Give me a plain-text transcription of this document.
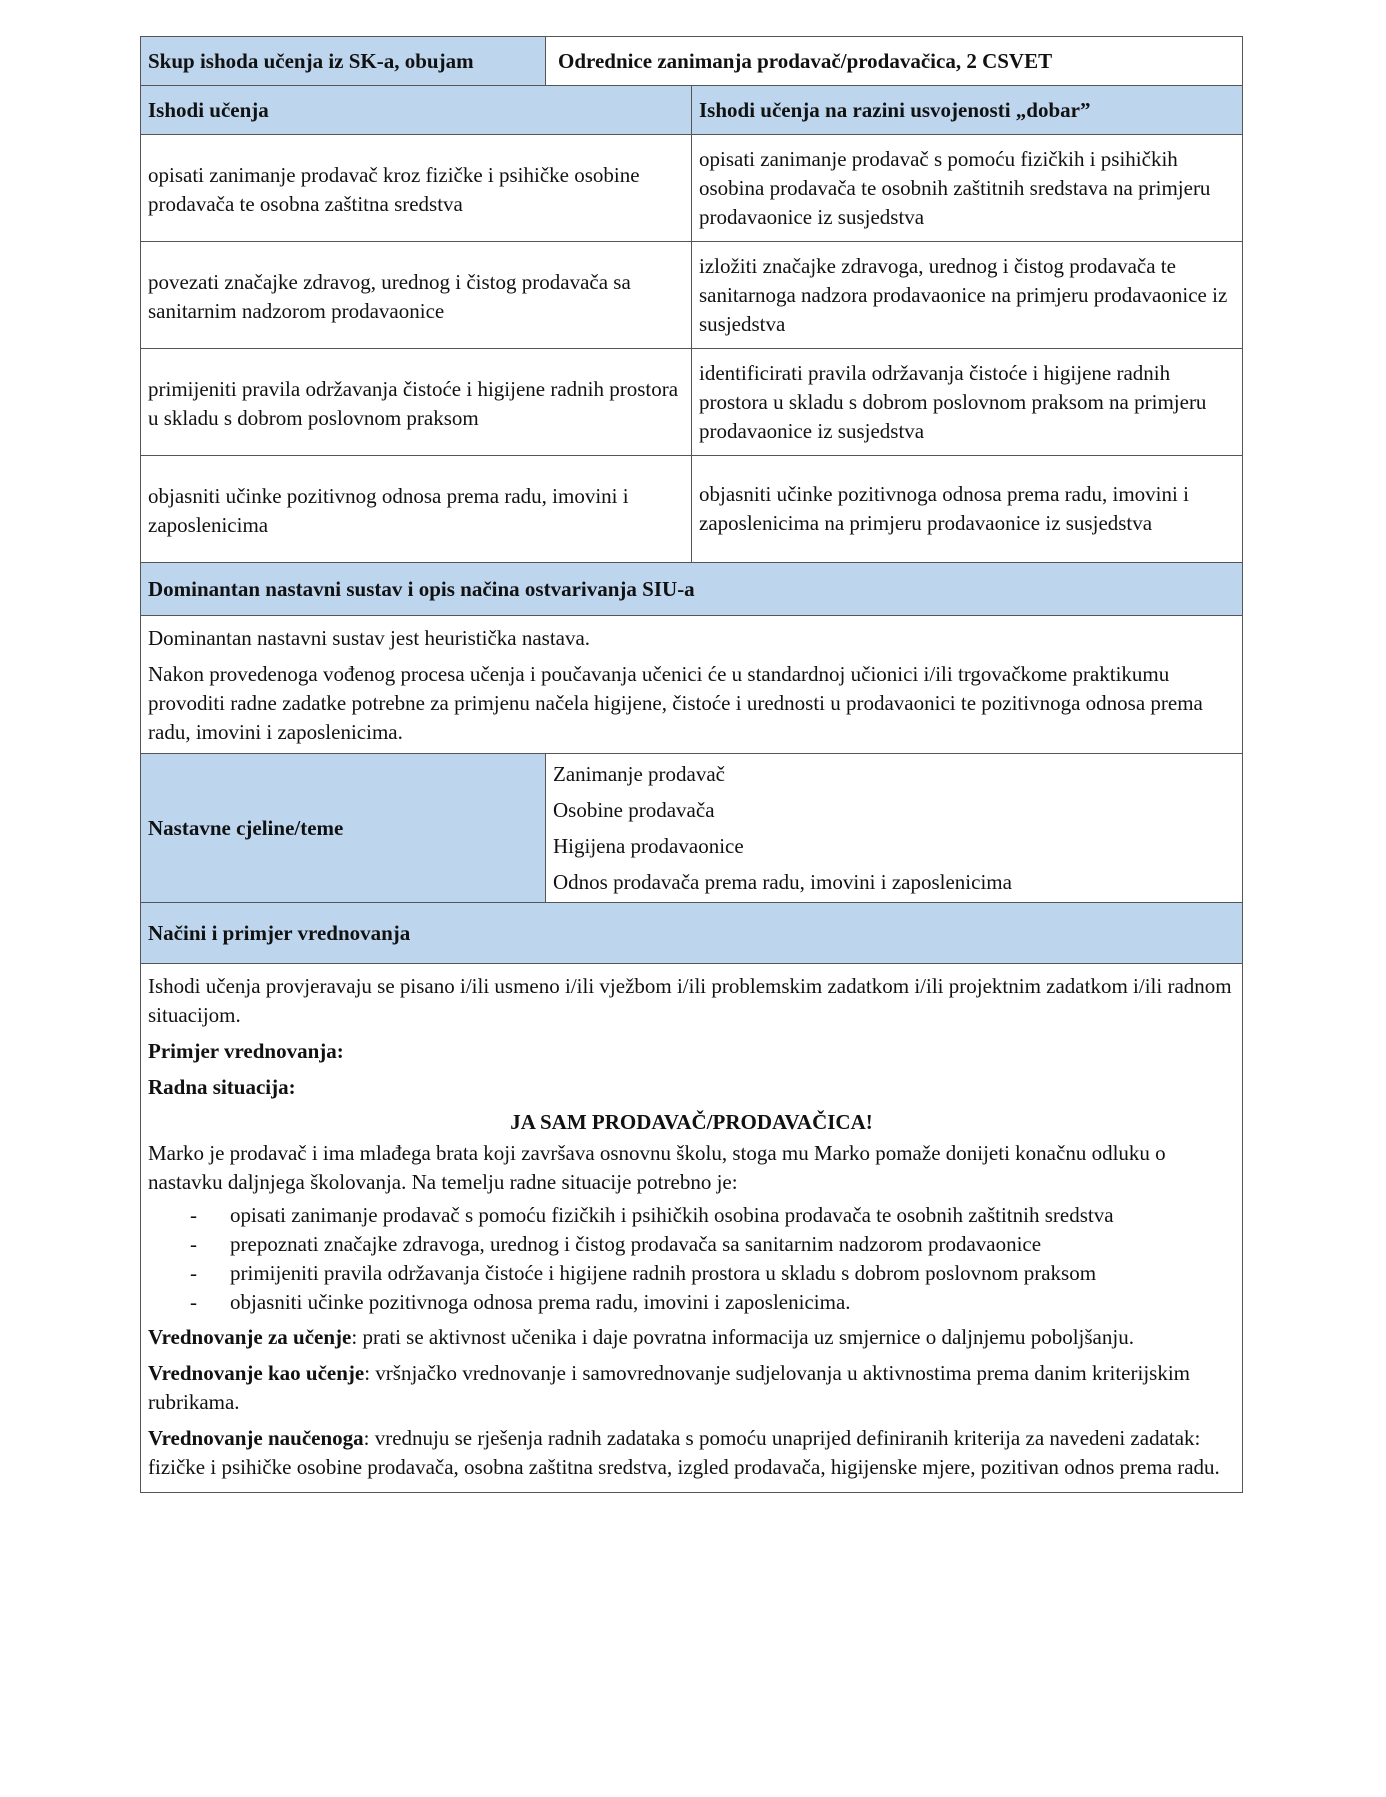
Skup ishoda učenja iz SK-a, obujam	Odrednice zanimanja prodavač/prodavačica, 2 CSVET	
Ishodi učenja		Ishodi učenja na razini usvojenosti „dobar”
opisati zanimanje prodavač kroz fizičke i psihičke osobine prodavača te osobna zaštitna sredstva		opisati zanimanje prodavač s pomoću fizičkih i psihičkih osobina prodavača te osobnih zaštitnih sredstava na primjeru prodavaonice iz susjedstva
povezati značajke zdravog, urednog i čistog prodavača sa sanitarnim nadzorom prodavaonice		izložiti značajke zdravoga, urednog i čistog prodavača te sanitarnoga nadzora prodavaonice na primjeru prodavaonice iz susjedstva
primijeniti pravila održavanja čistoće i higijene radnih prostora u skladu s dobrom poslovnom praksom		identificirati pravila održavanja čistoće i higijene radnih prostora u skladu s dobrom poslovnom praksom na primjeru prodavaonice iz susjedstva
objasniti učinke pozitivnog odnosa prema radu, imovini i zaposlenicima		objasniti učinke pozitivnoga odnosa prema radu, imovini i zaposlenicima na primjeru prodavaonice iz susjedstva
Dominantan nastavni sustav i opis načina ostvarivanja SIU-a		

Dominantan nastavni sustav jest heuristička nastava.

Nakon provedenoga vođenog procesa učenja i poučavanja učenici će u standardnoj učionici i/ili trgovačkome praktikumu provoditi radne zadatke potrebne za primjenu načela higijene, čistoće i urednosti u prodavaonici te pozitivnoga odnosa prema radu, imovini i zaposlenicima.		

Nastavne cjeline/teme	Zanimanje prodavač
Osobine prodavača
Higijena prodavaonice
Odnos prodavača prema radu, imovini i zaposlenicima	

Načini i primjer vrednovanja		

Ishodi učenja provjeravaju se pisano i/ili usmeno i/ili vježbom i/ili problemskim zadatkom i/ili projektnim zadatkom i/ili radnom situacijom.

Primjer vrednovanja:

Radna situacija:

JA SAM PRODAVAČ/PRODAVAČICA!

Marko je prodavač i ima mlađega brata koji završava osnovnu školu, stoga mu Marko pomaže donijeti konačnu odluku o nastavku daljnjega školovanja. Na temelju radne situacije potrebno je:

- opisati zanimanje prodavač s pomoću fizičkih i psihičkih osobina prodavača te osobnih zaštitnih sredstva
- prepoznati značajke zdravoga, urednog i čistog prodavača sa sanitarnim nadzorom prodavaonice
- primijeniti pravila održavanja čistoće i higijene radnih prostora u skladu s dobrom poslovnom praksom
- objasniti učinke pozitivnoga odnosa prema radu, imovini i zaposlenicima.

Vrednovanje za učenje: prati se aktivnost učenika i daje povratna informacija uz smjernice o daljnjemu poboljšanju.

Vrednovanje kao učenje: vršnjačko vrednovanje i samovrednovanje sudjelovanja u aktivnostima prema danim kriterijskim rubrikama.

Vrednovanje naučenoga: vrednuju se rješenja radnih zadataka s pomoću unaprijed definiranih kriterija za navedeni zadatak: fizičke i psihičke osobine prodavača, osobna zaštitna sredstva, izgled prodavača, higijenske mjere, pozitivan odnos prema radu.
